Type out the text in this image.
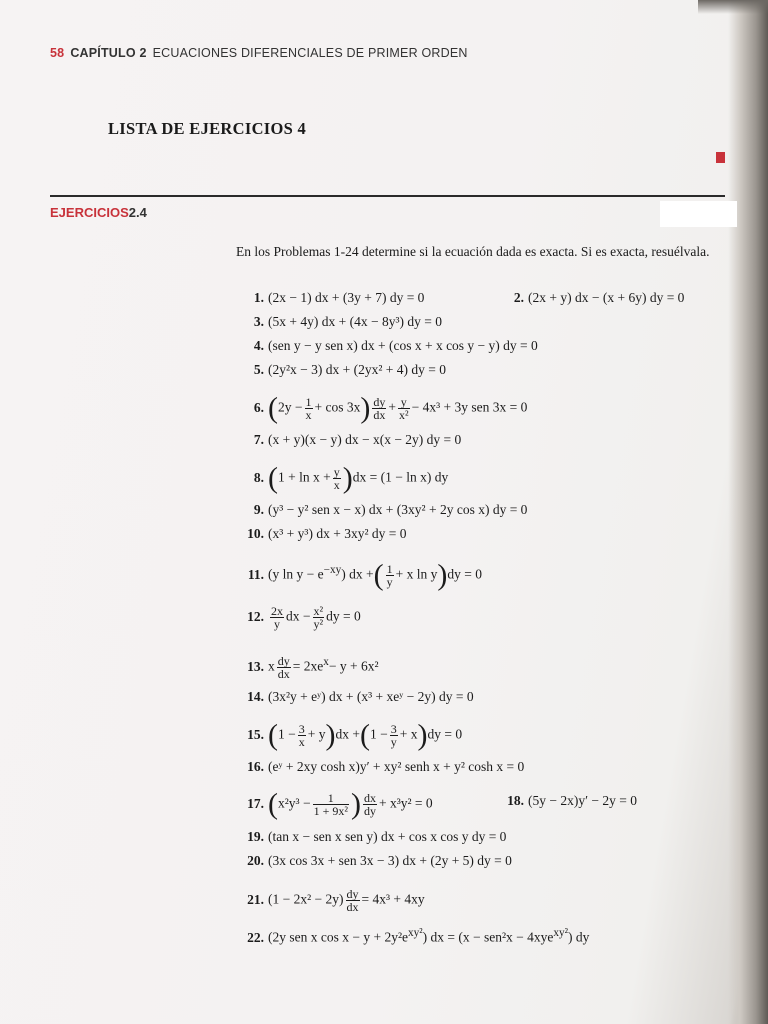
58 CAPÍTULO 2 ECUACIONES DIFERENCIALES DE PRIMER ORDEN
LISTA DE EJERCICIOS 4
EJERCICIOS2.4
En los Problemas 1-24 determine si la ecuación dada es exacta. Si es exacta, resuélvala.
1. (2x − 1) dx + (3y + 7) dy = 0	2. (2x + y) dx − (x + 6y) dy = 0
3. (5x + 4y) dx + (4x − 8y³) dy = 0
4. (sen y − y sen x) dx + (cos x + x cos y − y) dy = 0
5. (2y²x − 3) dx + (2yx² + 4) dy = 0
6. $(2y - \frac{1}{x} + \cos 3x) \frac{dy}{dx} + \frac{y}{\text{x²}} - 4x^3 + 3y$ sen 3x = 0
7. (x + y)(x − y) dx − x(x − 2y) dy = 0
8. $(1 + \ln x + \frac{y}{x} )dx = (1 - \ln x)$ dy
9. (y³ − y² sen x − x) dx + (3xy² + 2y cos x) dy = 0
10. (x³ + y³) dx + 3xy² dy = 0
11. (y $\ln y - e^{-xy}$) dx +( $\frac{1}{y} + x$ ln y)dy = 0
12. $\frac{2x}{y}$ dx − $\frac{\text{x²}}{\text{y²}}$ dy = 0
13. x $\frac{dy}{dx} = 2xe^x- y + 6x^2$
14. (3x²y + eʸ) dx + (x³ + xeʸ − 2y) dy = 0
15. $(1 - \frac{3}{x} + y)dx +(1 - \frac{3}{y} + x)dy = 0$
16. (eʸ + 2xy cosh x)y′ + xy² senh x + y² cosh x = 0
17. ($x^2y^3 - \frac{1}{\text{1 + 9x²}}$ ) $\frac{dx}{dy} + x^3y^2 = 0$	18. (5y − 2x)y′ − 2y = 0
19. (tan x − sen x sen y) dx + cos x cos y dy = 0
20. (3x cos 3x + sen 3x − 3) dx + (2y + 5) dy = 0
21. $(1 - 2x^2 - 2y) \frac{dy}{dx} = 4x^3 + 4xy$
22. (2y sen x $\cos x - y + 2y^2e^{xy^2}$) dx = (x − sen²x − 4xye$^{xy^2}$) dy
